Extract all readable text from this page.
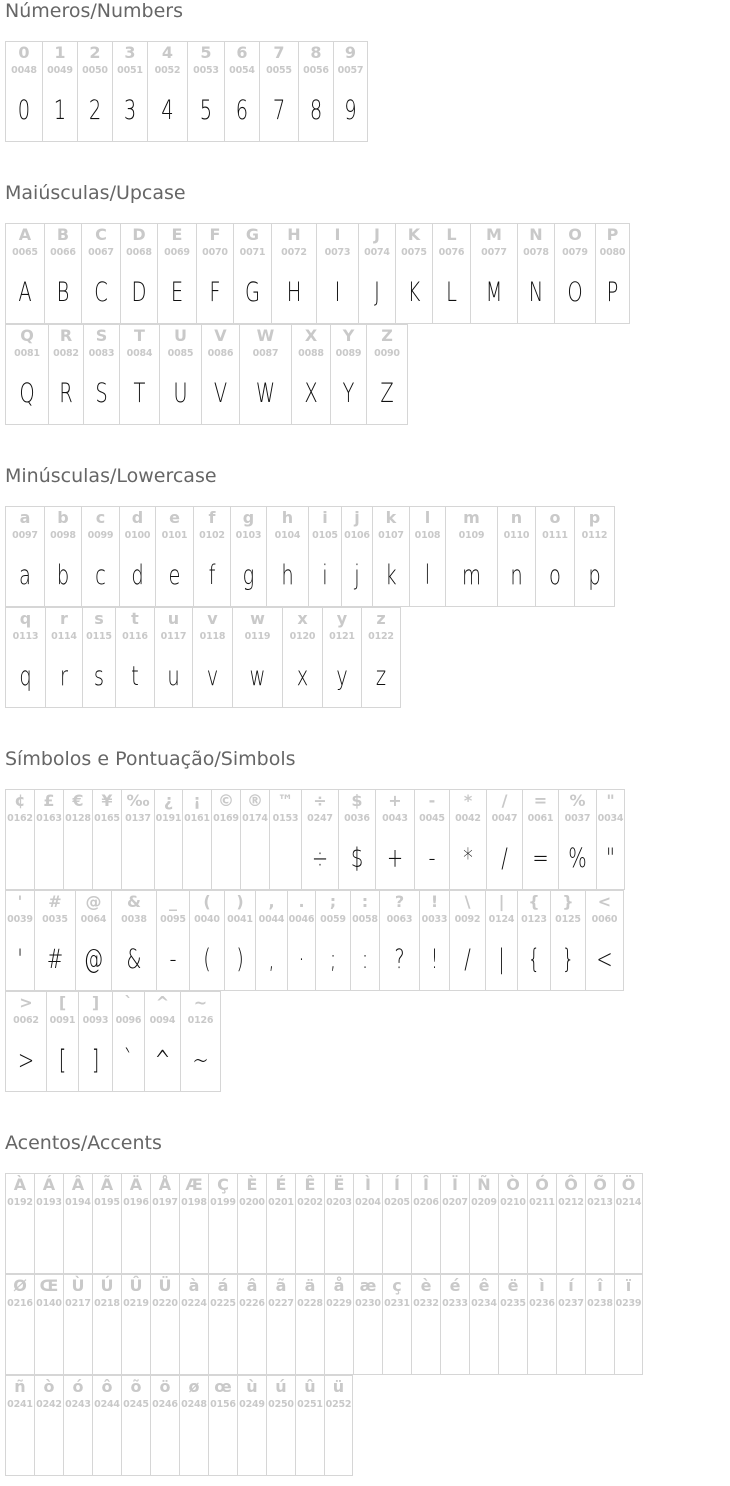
Números/Numbers
0
0048
0
1
0049
1
2
0050
2
3
0051
3
4
0052
4
5
0053
5
6
0054
6
7
0055
7
8
0056
8
9
0057
9
Maiúsculas/Upcase
A
0065
A
B
0066
B
C
0067
C
D
0068
D
E
0069
E
F
0070
F
G
0071
G
H
0072
H
I
0073
I
J
0074
J
K
0075
K
L
0076
L
M
0077
M
N
0078
N
O
0079
O
P
0080
P
Q
0081
Q
R
0082
R
S
0083
S
T
0084
T
U
0085
U
V
0086
V
W
0087
W
X
0088
X
Y
0089
Y
Z
0090
Z
Minúsculas/Lowercase
a
0097
a
b
0098
b
c
0099
c
d
0100
d
e
0101
e
f
0102
f
g
0103
g
h
0104
h
i
0105
i
j
0106
j
k
0107
k
l
0108
l
m
0109
m
n
0110
n
o
0111
o
p
0112
p
q
0113
q
r
0114
r
s
0115
s
t
0116
t
u
0117
u
v
0118
v
w
0119
w
x
0120
x
y
0121
y
z
0122
z
Símbolos e Pontuação/Simbols
¢
0162
£
0163
€
0128
¥
0165
‰
0137
¿
0191
¡
0161
©
0169
®
0174
™
0153
÷
0247
÷
$
0036
$
+
0043
+
-
0045
-
*
0042
*
/
0047
/
=
0061
=
%
0037
%
"
0034
"
'
0039
'
#
0035
#
@
0064
@
&
0038
&
_
0095
-
(
0040
(
)
0041
)
,
0044
,
.
0046
·
;
0059
;
:
0058
:
?
0063
?
!
0033
!
\
0092
/
|
0124
|
{
0123
{
}
0125
}
<
0060
<
>
0062
>
[
0091
[
]
0093
]
`
0096
`
^
0094
^
~
0126
~
Acentos/Accents
À
0192
Á
0193
Â
0194
Ã
0195
Ä
0196
Å
0197
Æ
0198
Ç
0199
È
0200
É
0201
Ê
0202
Ë
0203
Ì
0204
Í
0205
Î
0206
Ï
0207
Ñ
0209
Ò
0210
Ó
0211
Ô
0212
Õ
0213
Ö
0214
Ø
0216
Œ
0140
Ù
0217
Ú
0218
Û
0219
Ü
0220
à
0224
á
0225
â
0226
ã
0227
ä
0228
å
0229
æ
0230
ç
0231
è
0232
é
0233
ê
0234
ë
0235
ì
0236
í
0237
î
0238
ï
0239
ñ
0241
ò
0242
ó
0243
ô
0244
õ
0245
ö
0246
ø
0248
œ
0156
ù
0249
ú
0250
û
0251
ü
0252
